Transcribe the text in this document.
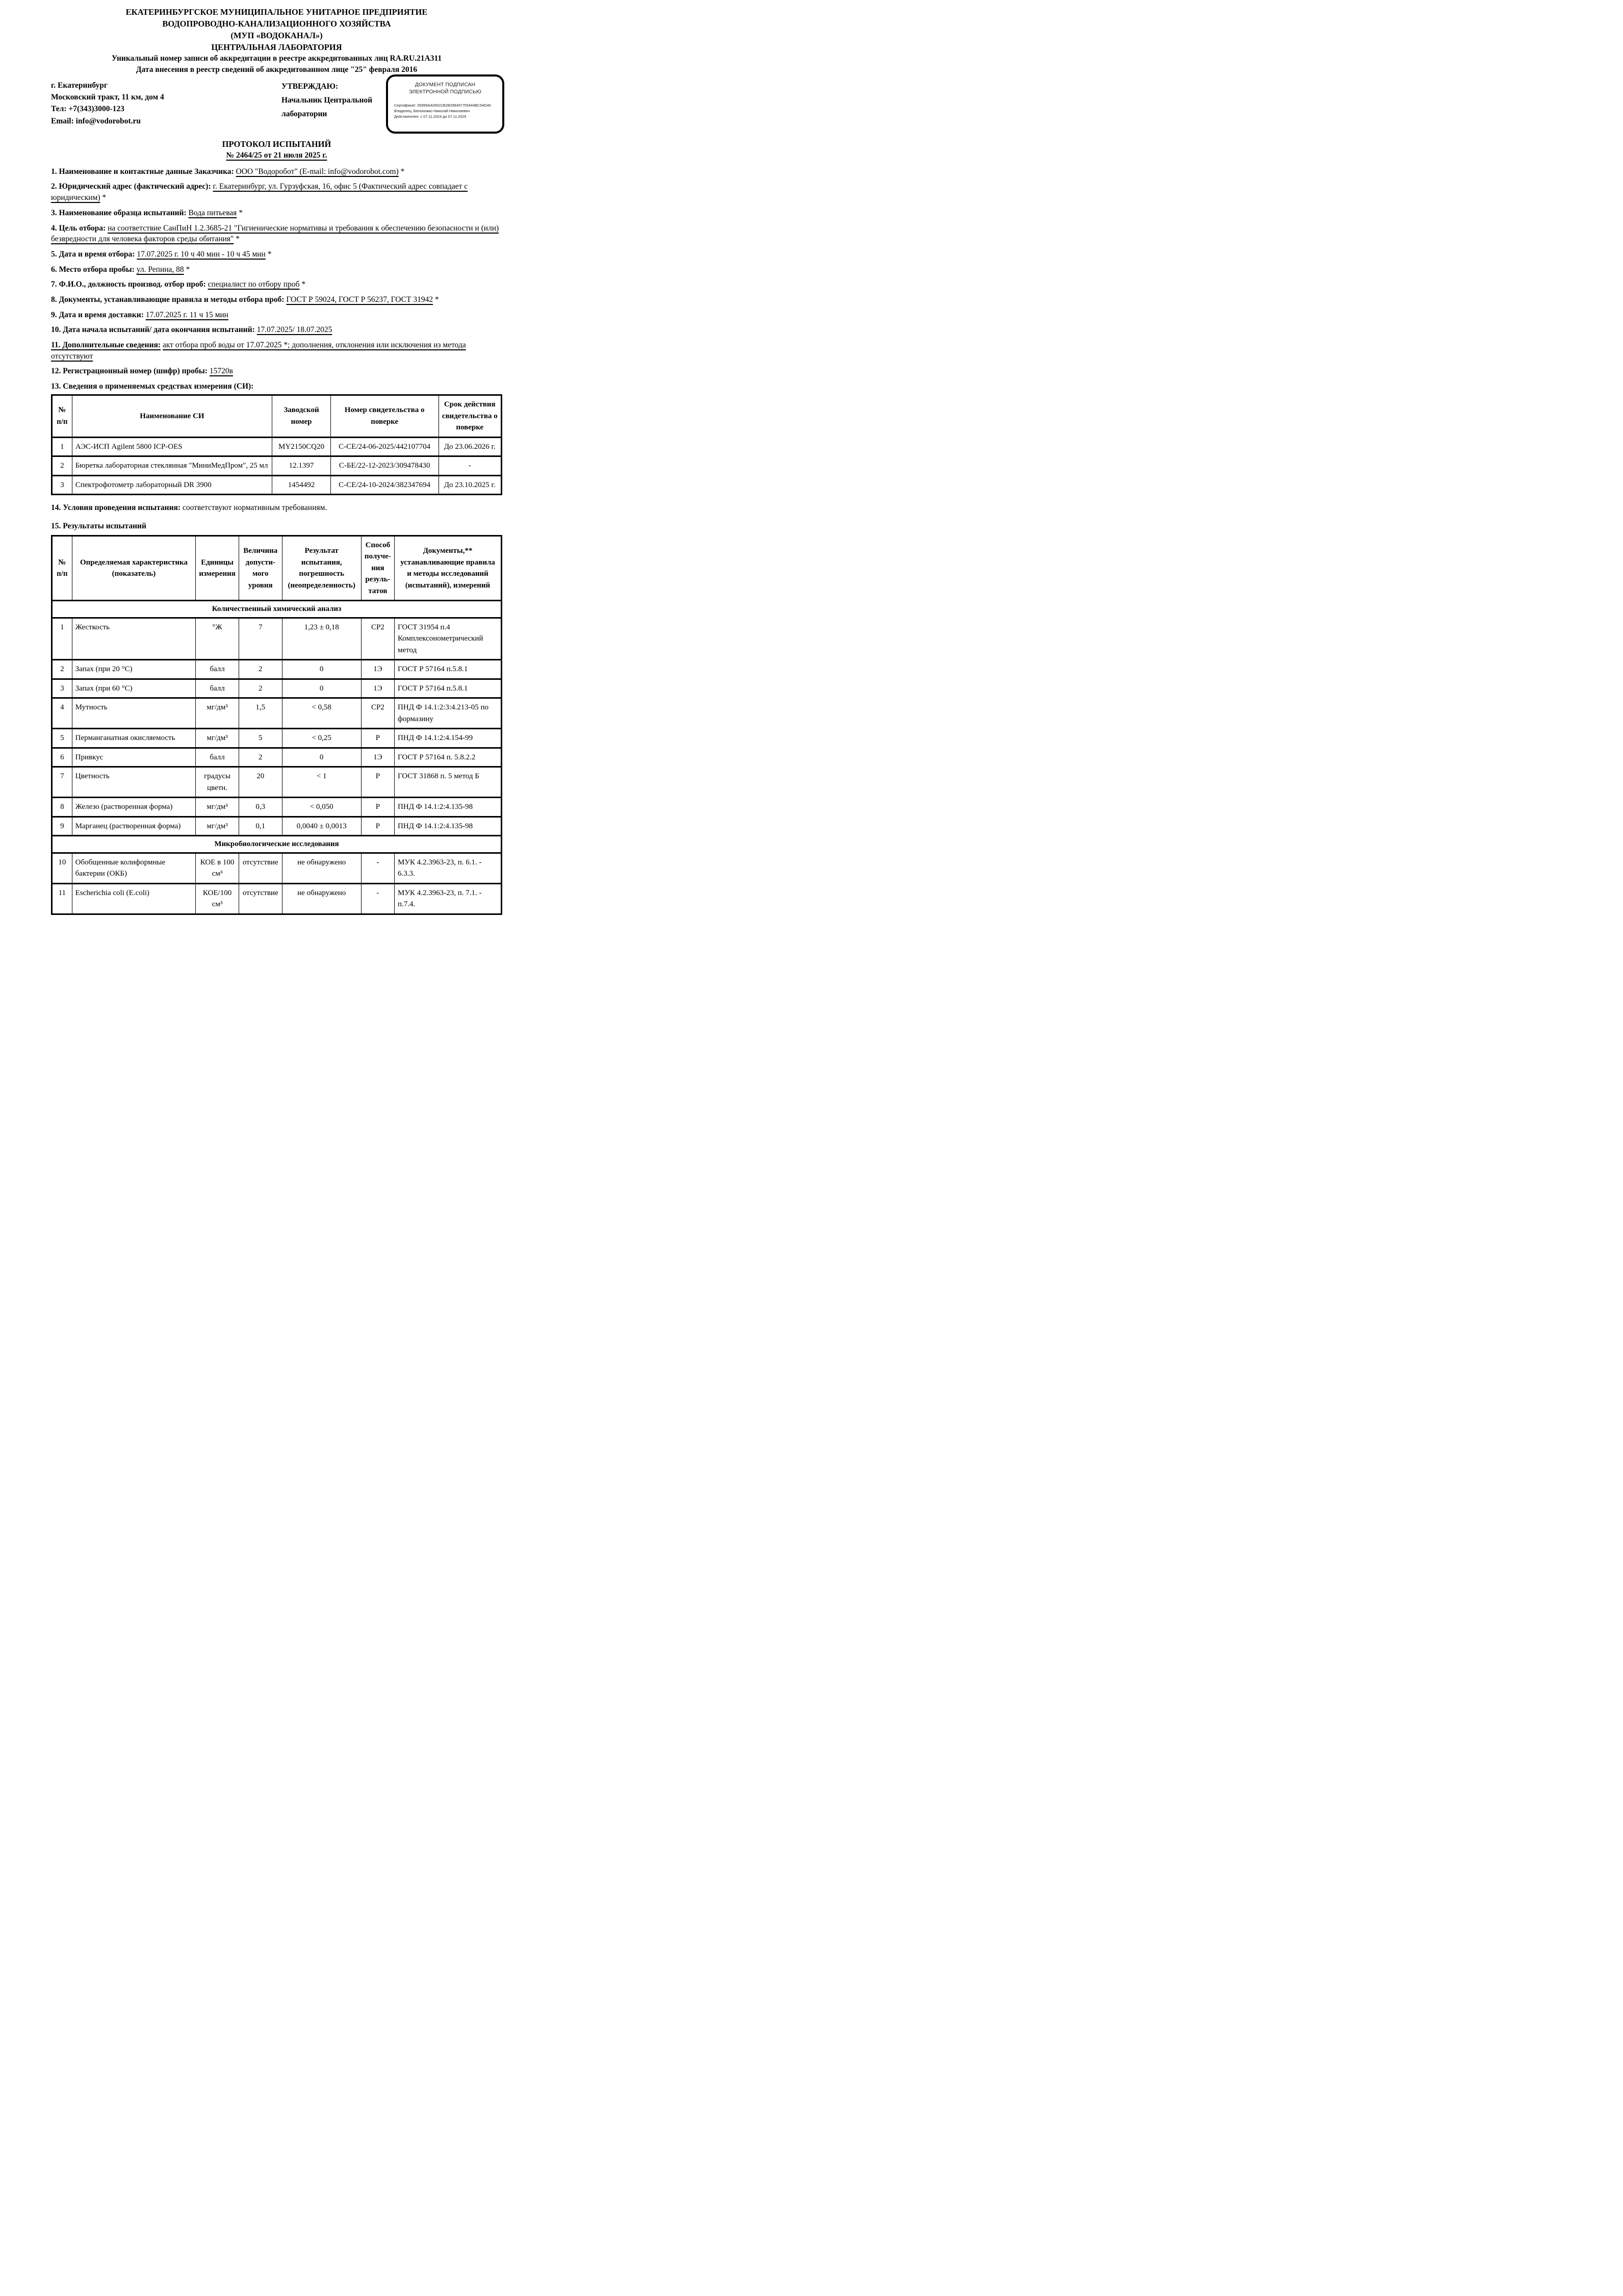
ЕКАТЕРИНБУРГСКОЕ МУНИЦИПАЛЬНОЕ УНИТАРНОЕ ПРЕДПРИЯТИЕ
ВОДОПРОВОДНО-КАНАЛИЗАЦИОННОГО ХОЗЯЙСТВА
(МУП «ВОДОКАНАЛ»)
ЦЕНТРАЛЬНАЯ ЛАБОРАТОРИЯ
Уникальный номер записи об аккредитации в реестре аккредитованных лиц RA.RU.21А311
Дата внесения в реестр сведений об аккредитованном лице "25" февраля 2016
г. Екатеринбург
Московский тракт, 11 км, дом 4
Тел: +7(343)3000-123
Email: info@vodorobot.ru
УТВЕРЖДАЮ:
Начальник Центральной
лаборатории
ДОКУМЕНТ ПОДПИСАН
ЭЛЕКТРОННОЙ ПОДПИСЬЮ
Сертификат: 05999AA00021B2B298497755444BC54D40
Владелец: Белоножко Николай Николаевич
Действителен: с 07.11.2024 до 07.11.2025
ПРОТОКОЛ ИСПЫТАНИЙ
№ 2464/25 от 21 июля 2025 г.

1. Наименование и контактные данные Заказчика: ООО "Водоробот" (E-mail: info@vodorobot.com) *

2. Юридический адрес (фактический адрес): г. Екатеринбург, ул. Гурзуфская, 16, офис 5 (Фактический адрес совпадает с юридическим) *

3. Наименование образца испытаний: Вода питьевая *

4. Цель отбора: на соответствие СанПиН 1.2.3685-21 "Гигиенические нормативы и требования к обеспечению безопасности и (или) безвредности для человека факторов среды обитания" *

5. Дата и время отбора: 17.07.2025 г. 10 ч 40 мин - 10 ч 45 мин *

6. Место отбора пробы: ул. Репина, 88 *

7. Ф.И.О., должность производ. отбор проб: специалист по отбору проб *

8. Документы, устанавливающие правила и методы отбора проб: ГОСТ Р 59024, ГОСТ Р 56237, ГОСТ 31942 *

9. Дата и время доставки: 17.07.2025 г. 11 ч 15 мин

10. Дата начала испытаний/ дата окончания испытаний: 17.07.2025/ 18.07.2025

11. Дополнительные сведения: акт отбора проб воды от 17.07.2025 *; дополнения, отклонения или исключения из метода отсутствуют

12. Регистрационный номер (шифр) пробы: 15720в

13. Сведения о применяемых средствах измерения (СИ):
№ п/п	Наименование СИ	Заводской номер	Номер свидетельства о поверке	Срок действия свидетельства о поверке
1	АЭС-ИСП Agilent 5800 ICP-OES	MY2150CQ20	С-СЕ/24-06-2025/442107704	До 23.06.2026 г.
2	Бюретка лабораторная стеклянная "МиниМедПром", 25 мл	12.1397	С-БЕ/22-12-2023/309478430	-
3	Спектрофотометр лабораторный DR 3900	1454492	С-СЕ/24-10-2024/382347694	До 23.10.2025 г.

14. Условия проведения испытания: соответствуют нормативным требованиям.

15. Результаты испытаний
№ п/п	Определяемая характеристика (показатель)	Единицы измерения	Величина допусти-мого уровня	Результат испытания, погрешность (неопределенность)	Способ получе-ния резуль-татов	Документы,** устанавливающие правила и методы исследований (испытаний), измерений
Количественный химический анализ						
1	Жесткость	°Ж	7	1,23 ± 0,18	СР2	ГОСТ 31954 п.4 Комплексонометрический метод
2	Запах (при 20 °С)	балл	2	0	1Э	ГОСТ Р 57164 п.5.8.1
3	Запах (при 60 °С)	балл	2	0	1Э	ГОСТ Р 57164 п.5.8.1
4	Мутность	мг/дм³	1,5	< 0,58	СР2	ПНД Ф 14.1:2:3:4.213-05 по формазину
5	Перманганатная окисляемость	мг/дм³	5	< 0,25	Р	ПНД Ф 14.1:2:4.154-99
6	Привкус	балл	2	0	1Э	ГОСТ Р 57164 п. 5.8.2.2
7	Цветность	градусы цветн.	20	< 1	Р	ГОСТ 31868 п. 5 метод Б
8	Железо (растворенная форма)	мг/дм³	0,3	< 0,050	Р	ПНД Ф 14.1:2:4.135-98
9	Марганец (растворенная форма)	мг/дм³	0,1	0,0040 ± 0,0013	Р	ПНД Ф 14.1:2:4.135-98
Микробиологические исследования						
10	Обобщенные колиформные бактерии (ОКБ)	КОЕ в 100 см³	отсутствие	не обнаружено	-	МУК 4.2.3963-23, п. 6.1. - 6.3.3.
11	Escherichia coli (E.coli)	КОЕ/100 см³	отсутствие	не обнаружено	-	МУК 4.2.3963-23, п. 7.1. - п.7.4.
